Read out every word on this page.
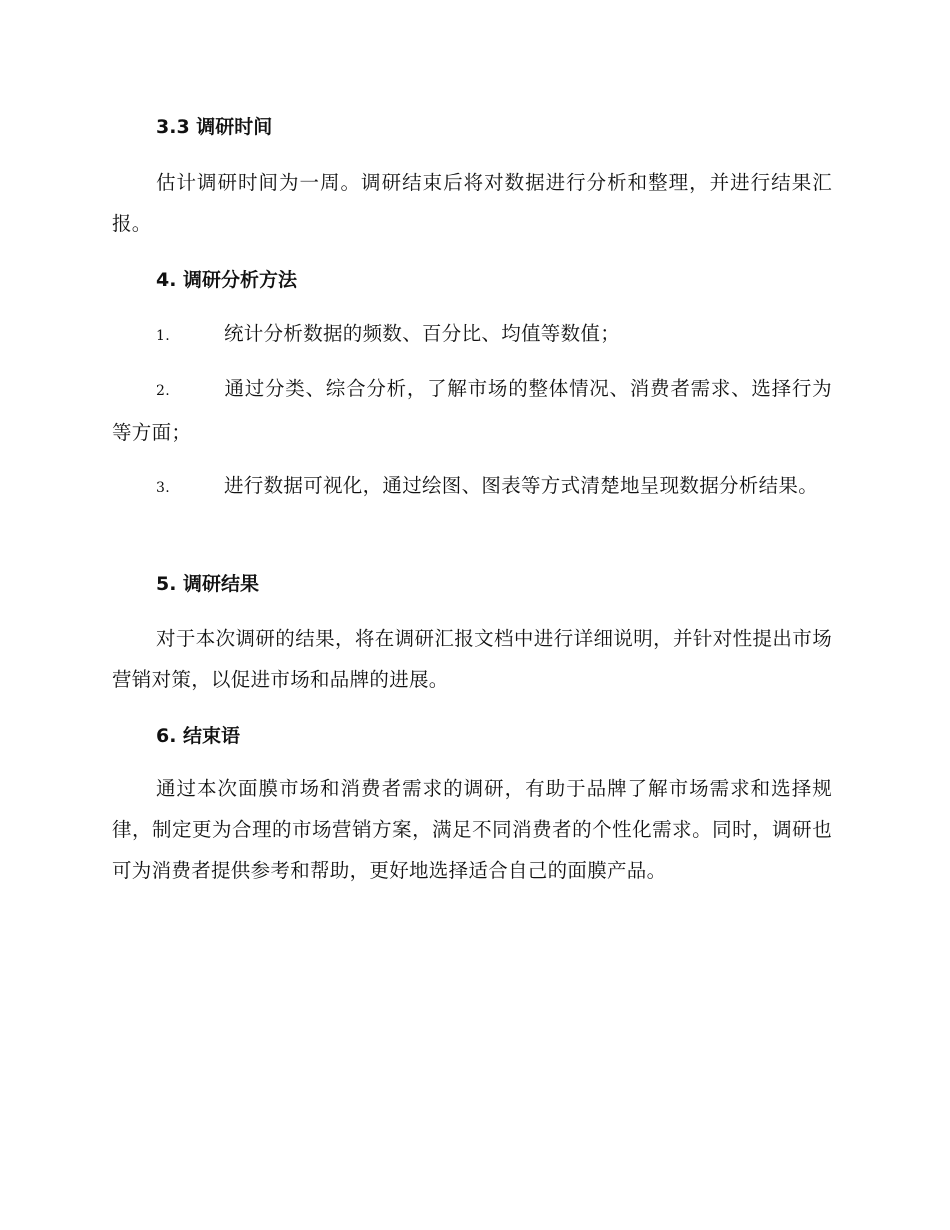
3.3 调研时间
估计调研时间为一周。调研结束后将对数据进行分析和整理，并进行结果汇报。
4. 调研分析方法
1.	统计分析数据的频数、百分比、均值等数值；
2.	通过分类、综合分析，了解市场的整体情况、消费者需求、选择行为等方面；
3.	进行数据可视化，通过绘图、图表等方式清楚地呈现数据分析结果。
5. 调研结果
对于本次调研的结果，将在调研汇报文档中进行详细说明，并针对性提出市场营销对策，以促进市场和品牌的进展。
6. 结束语
通过本次面膜市场和消费者需求的调研，有助于品牌了解市场需求和选择规律，制定更为合理的市场营销方案，满足不同消费者的个性化需求。同时，调研也可为消费者提供参考和帮助，更好地选择适合自己的面膜产品。
